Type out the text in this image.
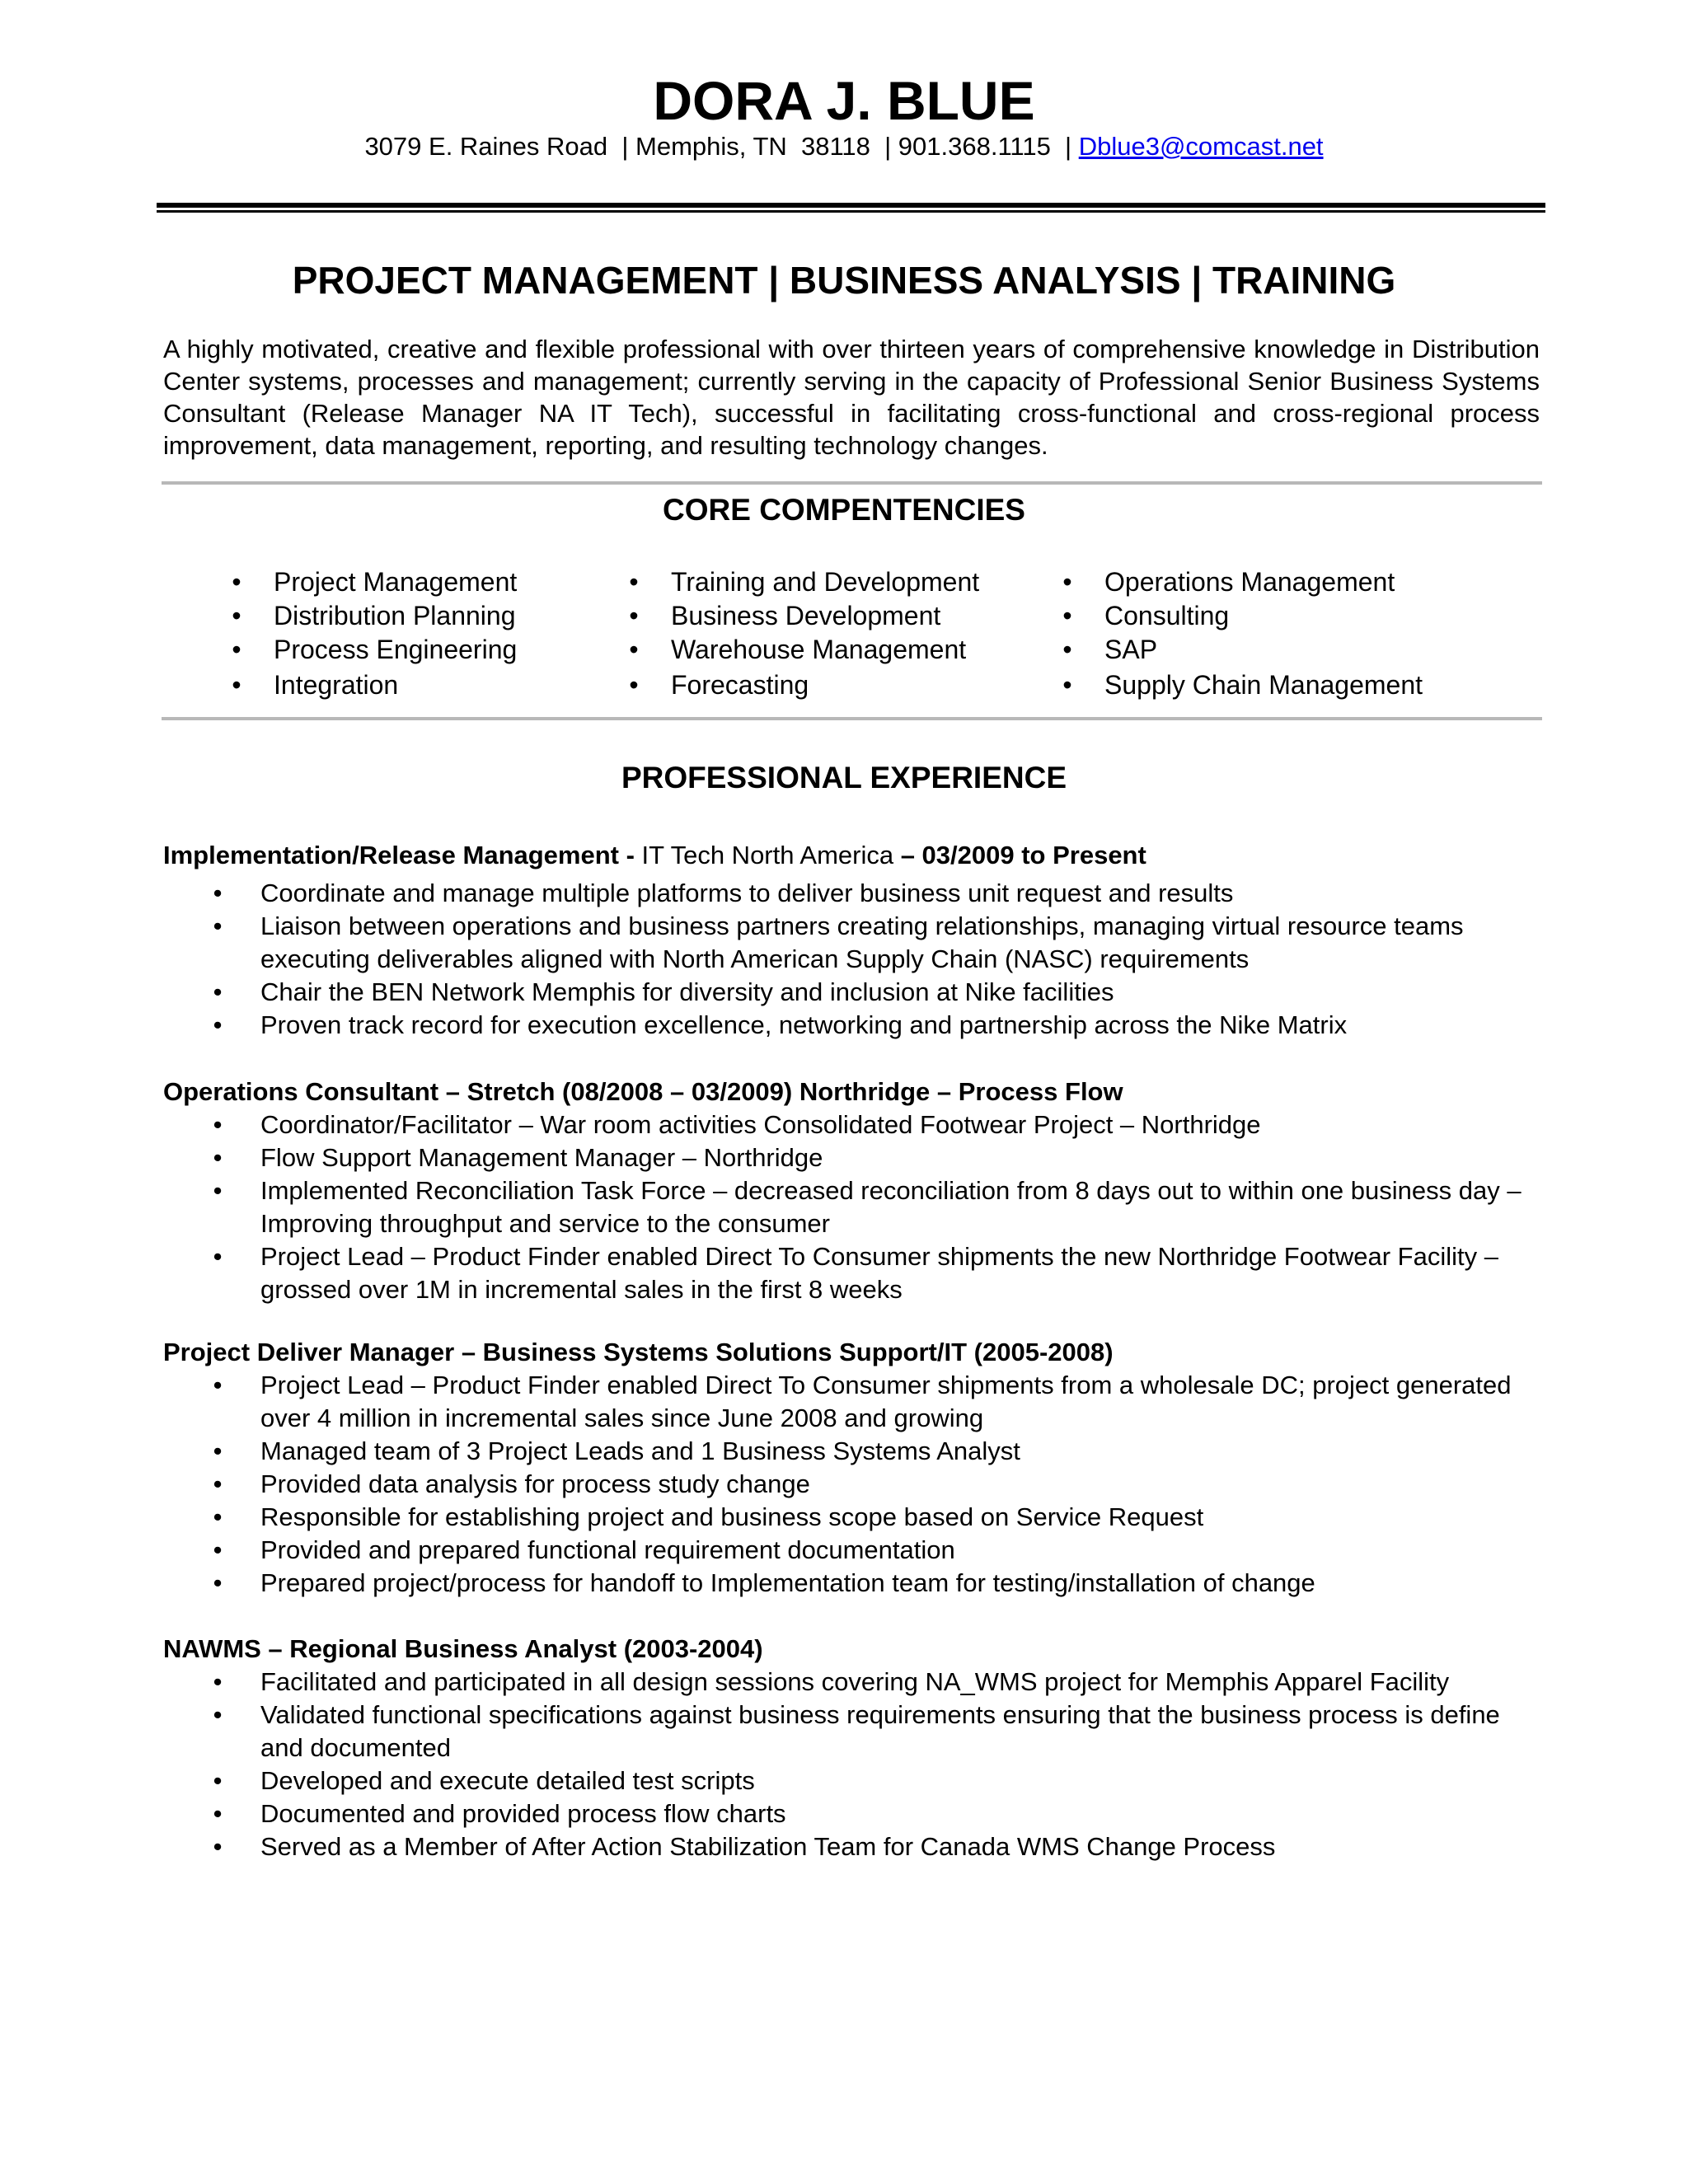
DORA J. BLUE
3079 E. Raines Road  | Memphis, TN  38118  | 901.368.1115  | Dblue3@comcast.net
PROJECT MANAGEMENT | BUSINESS ANALYSIS | TRAINING
A highly motivated, creative and flexible professional with over thirteen years of comprehensive knowledge in Distribution Center systems, processes and management; currently serving in the capacity of Professional Senior Business Systems Consultant (Release Manager NA IT Tech), successful in facilitating cross-functional and cross-regional process improvement, data management, reporting, and resulting technology changes.
CORE COMPENTENCIES
• Project Management
• Distribution Planning
• Process Engineering
• Integration
• Training and Development
• Business Development
• Warehouse Management
• Forecasting
• Operations Management
• Consulting
• SAP
• Supply Chain Management
PROFESSIONAL EXPERIENCE
Implementation/Release Management - IT Tech North America – 03/2009 to Present
• Coordinate and manage multiple platforms to deliver business unit request and results
• Liaison between operations and business partners creating relationships, managing virtual resource teams executing deliverables aligned with North American Supply Chain (NASC) requirements
• Chair the BEN Network Memphis for diversity and inclusion at Nike facilities
• Proven track record for execution excellence, networking and partnership across the Nike Matrix
Operations Consultant – Stretch (08/2008 – 03/2009) Northridge – Process Flow
• Coordinator/Facilitator – War room activities Consolidated Footwear Project – Northridge
• Flow Support Management Manager – Northridge
• Implemented Reconciliation Task Force – decreased reconciliation from 8 days out to within one business day – Improving throughput and service to the consumer
• Project Lead – Product Finder enabled Direct To Consumer shipments the new Northridge Footwear Facility – grossed over 1M in incremental sales in the first 8 weeks
Project Deliver Manager – Business Systems Solutions Support/IT (2005-2008)
• Project Lead – Product Finder enabled Direct To Consumer shipments from a wholesale DC; project generated over 4 million in incremental sales since June 2008 and growing
• Managed team of 3 Project Leads and 1 Business Systems Analyst
• Provided data analysis for process study change
• Responsible for establishing project and business scope based on Service Request
• Provided and prepared functional requirement documentation
• Prepared project/process for handoff to Implementation team for testing/installation of change
NAWMS – Regional Business Analyst (2003-2004)
• Facilitated and participated in all design sessions covering NA_WMS project for Memphis Apparel Facility
• Validated functional specifications against business requirements ensuring that the business process is define and documented
• Developed and execute detailed test scripts
• Documented and provided process flow charts
• Served as a Member of After Action Stabilization Team for Canada WMS Change Process
